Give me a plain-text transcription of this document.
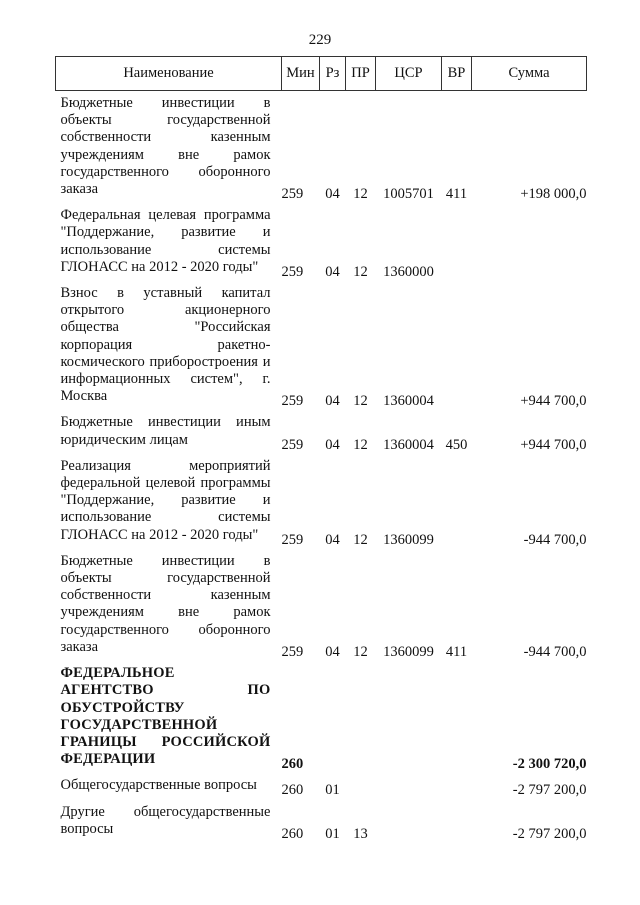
229
Наименование	Мин	Рз	ПР	ЦСР	ВР	Сумма

Бюджетные инвестиции в объекты государственной собственности казенным учреждениям вне рамок государственного оборонного заказа	259	04	12	1005701	411	+198 000,0

Федеральная целевая программа "Поддержание, развитие и использование системы ГЛОНАСС на 2012 - 2020 годы"	259	04	12	1360000		

Взнос в уставный капитал открытого акционерного общества "Российская корпорация ракетно-космического приборостроения и информационных систем", г. Москва	259	04	12	1360004		+944 700,0

Бюджетные инвестиции иным юридическим лицам	259	04	12	1360004	450	+944 700,0

Реализация мероприятий федеральной целевой программы "Поддержание, развитие и использование системы ГЛОНАСС на 2012 - 2020 годы"	259	04	12	1360099		-944 700,0

Бюджетные инвестиции в объекты государственной собственности казенным учреждениям вне рамок государственного оборонного заказа	259	04	12	1360099	411	-944 700,0

ФЕДЕРАЛЬНОЕ АГЕНТСТВО ПО ОБУСТРОЙСТВУ ГОСУДАРСТВЕННОЙ ГРАНИЦЫ РОССИЙСКОЙ ФЕДЕРАЦИИ	260					-2 300 720,0

Общегосударственные вопросы	260	01				-2 797 200,0

Другие общегосударственные вопросы	260	01	13			-2 797 200,0
